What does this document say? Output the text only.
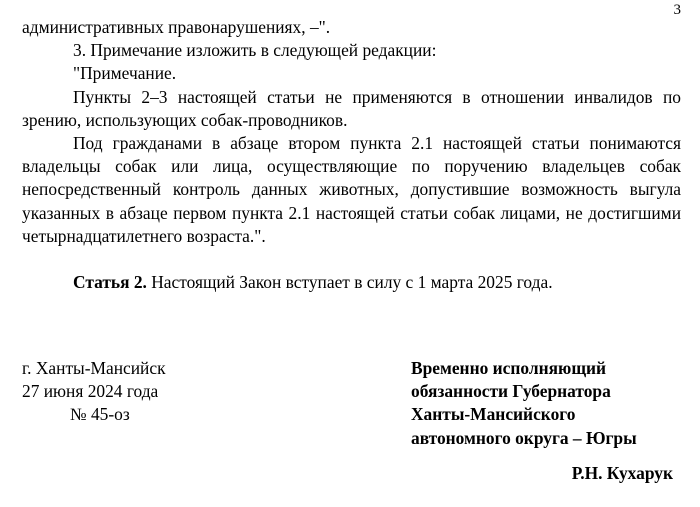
3

административных правонарушениях, –".

3. Примечание изложить в следующей редакции:

"Примечание.

Пункты 2–3 настоящей статьи не применяются в отношении инвалидов по зрению, использующих собак-проводников.

Под гражданами в абзаце втором пункта 2.1 настоящей статьи понимаются владельцы собак или лица, осуществляющие по поручению владельцев собак непосредственный контроль данных животных, допустившие возможность выгула указанных в абзаце первом пункта 2.1 настоящей статьи собак лицами, не достигшими четырнадцатилетнего возраста.".

Статья 2. Настоящий Закон вступает в силу с 1 марта 2025 года.

г. Ханты-Мансийск
27 июня 2024 года
№ 45-оз
Временно исполняющий
обязанности Губернатора
Ханты-Мансийского
автономного округа – Югры
Р.Н. Кухарук
